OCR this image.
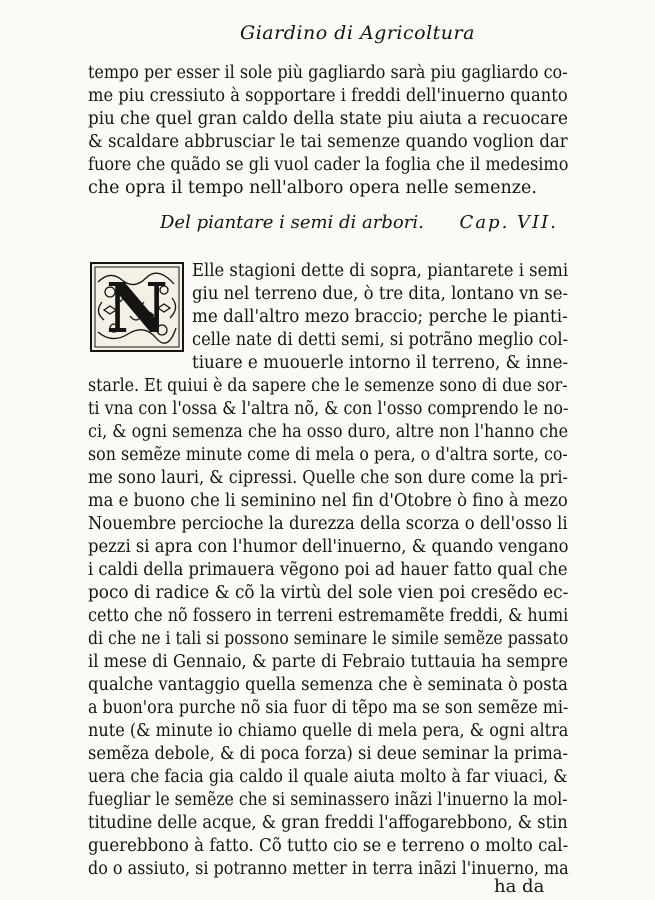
Giardino di Agricoltura
tempo per esser il sole più gagliardo sarà piu gagliardo co-
me piu cressiuto à sopportare i freddi dell'inuerno quanto
piu che quel gran caldo della state piu aiuta a recuocare
& scaldare abbrusciar le tai semenze quando voglion dar
fuore che quãdo se gli vuol cader la foglia che il medesimo
che opra il tempo nell'alboro opera nelle semenze.
Del piantare i semi di arbori. Cap. VII.
N Elle stagioni dette di sopra, piantarete i semi
giu nel terreno due, ò tre dita, lontano vn se-
me dall'altro mezo braccio; perche le pianti-
celle nate di detti semi, si potrãno meglio col-
tiuare e muouerle intorno il terreno, & inne-
starle. Et quiui è da sapere che le semenze sono di due sor-
ti vna con l'ossa & l'altra nõ, & con l'osso comprendo le no-
ci, & ogni semenza che ha osso duro, altre non l'hanno che
son semẽze minute come di mela o pera, o d'altra sorte, co-
me sono lauri, & cipressi. Quelle che son dure come la pri-
ma e buono che li seminino nel fin d'Otobre ò fino à mezo
Nouembre percioche la durezza della scorza o dell'osso li
pezzi si apra con l'humor dell'inuerno, & quando vengano
i caldi della primauera vẽgono poi ad hauer fatto qual che
poco di radice & cõ la virtù del sole vien poi cresẽdo ec-
cetto che nõ fossero in terreni estremamẽte freddi, & humi
di che ne i tali si possono seminare le simile semẽze passato
il mese di Gennaio, & parte di Febraio tuttauia ha sempre
qualche vantaggio quella semenza che è seminata ò posta
a buon'ora purche nõ sia fuor di tẽpo ma se son semẽze mi-
nute (& minute io chiamo quelle di mela pera, & ogni altra
semẽza debole, & di poca forza) si deue seminar la prima-
uera che facia gia caldo il quale aiuta molto à far viuaci, &
fueglіar le semẽze che si seminassero inãzi l'inuerno la mol-
titudine delle acque, & gran freddi l'affogarebbono, & stin
guerebbono à fatto. Cõ tutto cio se e terreno o molto cal-
do o assiuto, si potranno metter in terra inãzi l'inuerno, ma
ha da
